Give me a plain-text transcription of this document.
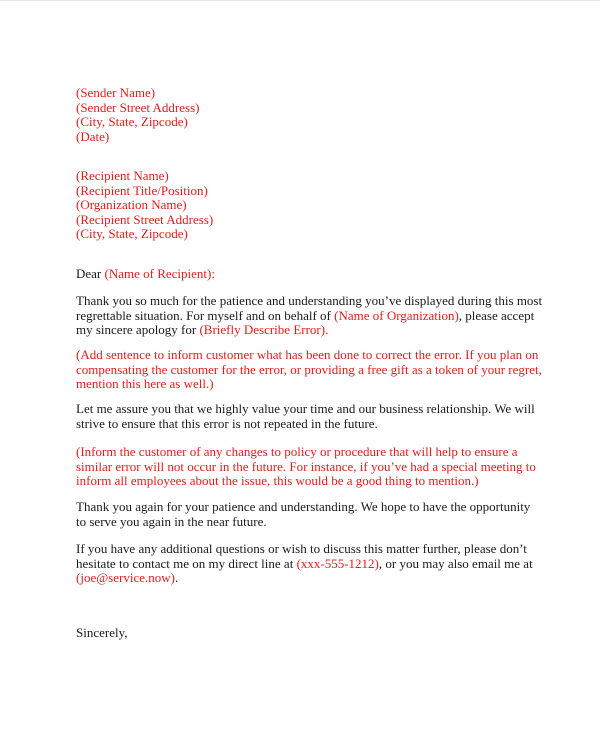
(Sender Name)
(Sender Street Address)
(City, State, Zipcode)
(Date)
(Recipient Name)
(Recipient Title/Position)
(Organization Name)
(Recipient Street Address)
(City, State, Zipcode)
Dear (Name of Recipient):
Thank you so much for the patience and understanding you’ve displayed during this most
regrettable situation. For myself and on behalf of (Name of Organization), please accept
my sincere apology for (Briefly Describe Error).
(Add sentence to inform customer what has been done to correct the error. If you plan on
compensating the customer for the error, or providing a free gift as a token of your regret,
mention this here as well.)
Let me assure you that we highly value your time and our business relationship. We will
strive to ensure that this error is not repeated in the future.
(Inform the customer of any changes to policy or procedure that will help to ensure a
similar error will not occur in the future. For instance, if you’ve had a special meeting to
inform all employees about the issue, this would be a good thing to mention.)
Thank you again for your patience and understanding. We hope to have the opportunity
to serve you again in the near future.
If you have any additional questions or wish to discuss this matter further, please don’t
hesitate to contact me on my direct line at (xxx-555-1212), or you may also email me at
(joe@service.now).
Sincerely,
